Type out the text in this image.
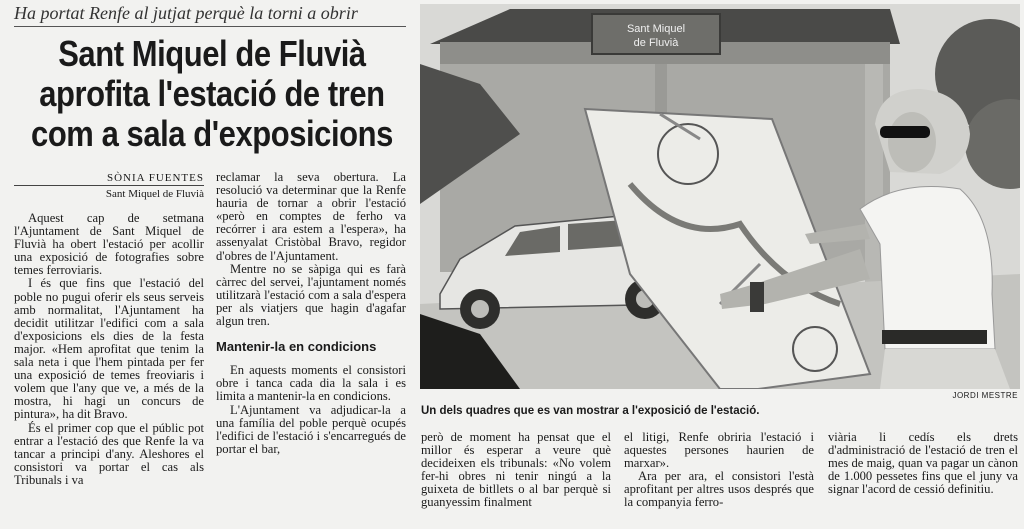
Ha portat Renfe al jutjat perquè la torni a obrir
Sant Miquel de Fluvià
aprofita l'estació de tren
com a sala d'exposicions
SÒNIA FUENTES
Sant Miquel de Fluvià

Aquest cap de setmana l'Ajuntament de Sant Miquel de Fluvià ha obert l'estació per acollir una exposició de fotografies sobre temes ferroviaris.

I és que fins que l'estació del poble no pugui oferir els seus serveis amb normalitat, l'Ajuntament ha decidit utilitzar l'edifici com a sala d'exposicions els dies de la festa major. «Hem aprofitat que tenim la sala neta i que l'hem pintada per fer una exposició de temes freoviaris i volem que l'any que ve, a més de la mostra, hi hagi un concurs de pintura», ha dit Bravo.

És el primer cop que el públic pot entrar a l'estació des que Renfe la va tancar a principi d'any. Aleshores el consistori va portar el cas als Tribunals i va

reclamar la seva obertura. La resolució va determinar que la Renfe hauria de tornar a obrir l'estació «però en comptes de ferho va recórrer i ara estem a l'espera», ha assenyalat Cristòbal Bravo, regidor d'obres de l'Ajuntament.

Mentre no se sàpiga qui es farà càrrec del servei, l'ajuntament només utilitzarà l'estació com a sala d'espera per als viatjers que hagin d'agafar algun tren.

Mantenir-la en condicions

En aquests moments el consistori obre i tanca cada dia la sala i es limita a mantenir-la en condicions.

L'Ajuntament va adjudicar-la a una família del poble perquè ocupés l'edifici de l'estació i s'encarregués de portar el bar,

Sant Miquel
de Fluvià
JORDI MESTRE
Un dels quadres que es van mostrar a l'exposició de l'estació.

però de moment ha pensat que el millor és esperar a veure què decideixen els tribunals: «No volem fer-hi obres ni tenir ningú a la guixeta de bitllets o al bar perquè si guanyessim finalment

el litigi, Renfe obriria l'estació i aquestes persones haurien de marxar».

Ara per ara, el consistori l'està aprofitant per altres usos després que la companyia ferro-

viària li cedís els drets d'administració de l'estació de tren el mes de maig, quan va pagar un cànon de 1.000 pessetes fins que el juny va signar l'acord de cessió definitiu.
